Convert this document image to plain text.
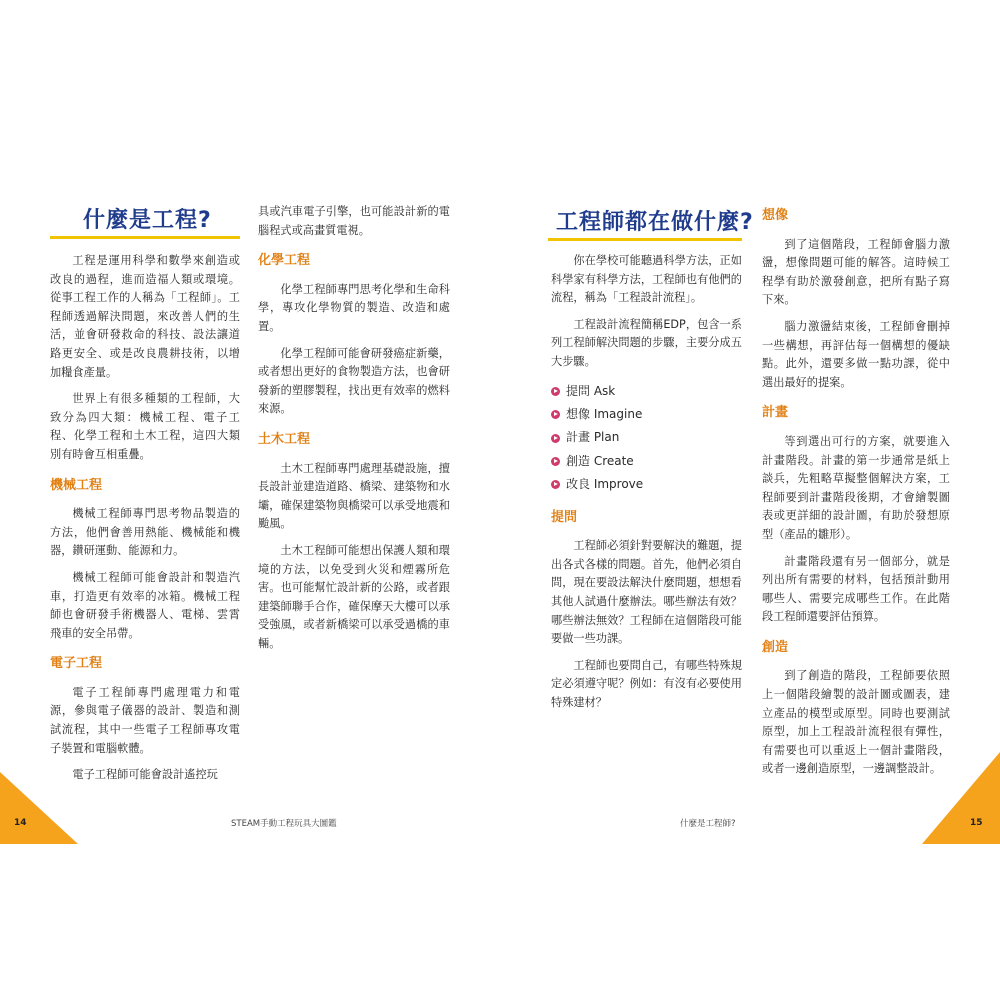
什麼是工程?

工程是運用科學和數學來創造或改良的過程，進而造福人類或環境。從事工程工作的人稱為「工程師」。工程師透過解決問題，來改善人們的生活，並會研發救命的科技、設法讓道路更安全、或是改良農耕技術，以增加糧食產量。

世界上有很多種類的工程師，大致分為四大類：機械工程、電子工程、化學工程和土木工程，這四大類別有時會互相重疊。

機械工程

機械工程師專門思考物品製造的方法，他們會善用熱能、機械能和機器，鑽研運動、能源和力。

機械工程師可能會設計和製造汽車，打造更有效率的冰箱。機械工程師也會研發手術機器人、電梯、雲霄飛車的安全吊帶。

電子工程

電子工程師專門處理電力和電源，參與電子儀器的設計、製造和測試流程，其中一些電子工程師專攻電子裝置和電腦軟體。

電子工程師可能會設計遙控玩

具或汽車電子引擎，也可能設計新的電腦程式或高畫質電視。

化學工程

化學工程師專門思考化學和生命科學，專攻化學物質的製造、改造和處置。

化學工程師可能會研發癌症新藥，或者想出更好的食物製造方法，也會研發新的塑膠製程，找出更有效率的燃料來源。

土木工程

土木工程師專門處理基礎設施，擅長設計並建造道路、橋梁、建築物和水壩，確保建築物與橋梁可以承受地震和颱風。

土木工程師可能想出保護人類和環境的方法，以免受到火災和煙霧所危害。也可能幫忙設計新的公路，或者跟建築師聯手合作，確保摩天大樓可以承受強風，或者新橋梁可以承受過橋的車輛。

工程師都在做什麼?

你在學校可能聽過科學方法，正如科學家有科學方法，工程師也有他們的流程，稱為「工程設計流程」。

工程設計流程簡稱EDP，包含一系列工程師解決問題的步驟，主要分成五大步驟。

提問 Ask
想像 Imagine
計畫 Plan
創造 Create
改良 Improve
提問

工程師必須針對要解決的難題，提出各式各樣的問題。首先，他們必須自問，現在要設法解決什麼問題，想想看其他人試過什麼辦法。哪些辦法有效？哪些辦法無效？工程師在這個階段可能要做一些功課。

工程師也要問自己，有哪些特殊規定必須遵守呢？例如：有沒有必要使用特殊建材？

想像

到了這個階段，工程師會腦力激盪，想像問題可能的解答。這時候工程學有助於激發創意，把所有點子寫下來。

腦力激盪結束後，工程師會刪掉一些構想，再評估每一個構想的優缺點。此外，還要多做一點功課，從中選出最好的提案。

計畫

等到選出可行的方案，就要進入計畫階段。計畫的第一步通常是紙上談兵，先粗略草擬整個解決方案，工程師要到計畫階段後期，才會繪製圖表或更詳細的設計圖，有助於發想原型（產品的雛形）。

計畫階段還有另一個部分，就是列出所有需要的材料，包括預計動用哪些人、需要完成哪些工作。在此階段工程師還要評估預算。

創造

到了創造的階段，工程師要依照上一個階段繪製的設計圖或圖表，建立產品的模型或原型。同時也要測試原型，加上工程設計流程很有彈性，有需要也可以重返上一個計畫階段，或者一邊創造原型，一邊調整設計。

14	STEAM手動工程玩具大圖鑑	什麼是工程師?	15
